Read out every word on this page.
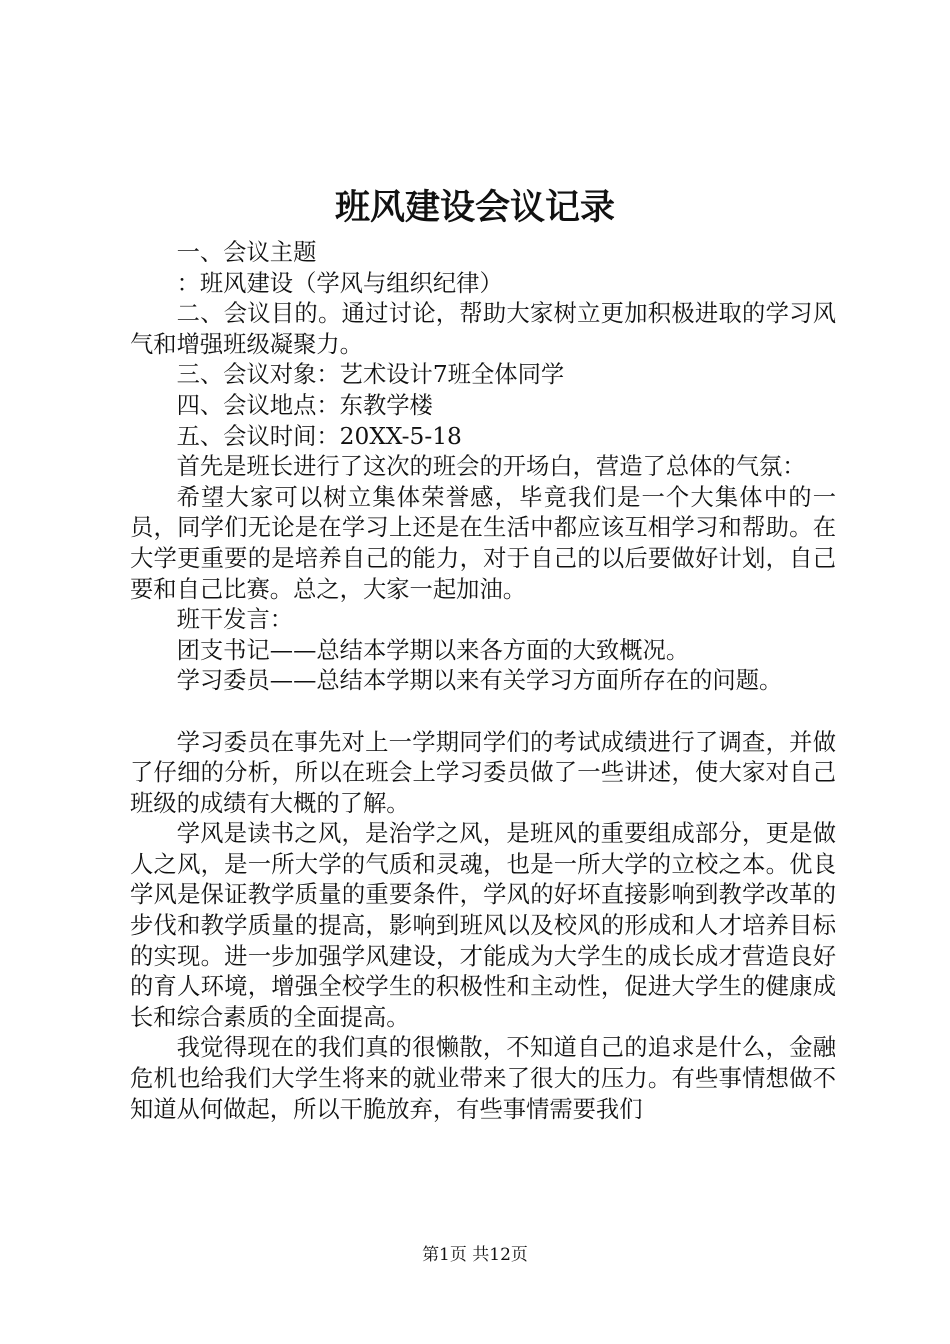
班风建设会议记录

一、会议主题

：班风建设（学风与组织纪律）

二、会议目的。通过讨论，帮助大家树立更加积极进取的学习风气和增强班级凝聚力。

三、会议对象：艺术设计7班全体同学

四、会议地点：东教学楼

五、会议时间：20XX-5-18

首先是班长进行了这次的班会的开场白，营造了总体的气氛：

希望大家可以树立集体荣誉感，毕竟我们是一个大集体中的一员，同学们无论是在学习上还是在生活中都应该互相学习和帮助。在大学更重要的是培养自己的能力，对于自己的以后要做好计划，自己要和自己比赛。总之，大家一起加油。

班干发言：

团支书记——总结本学期以来各方面的大致概况。

学习委员——总结本学期以来有关学习方面所存在的问题。

学习委员在事先对上一学期同学们的考试成绩进行了调查，并做了仔细的分析，所以在班会上学习委员做了一些讲述，使大家对自己班级的成绩有大概的了解。

学风是读书之风，是治学之风，是班风的重要组成部分，更是做人之风，是一所大学的气质和灵魂，也是一所大学的立校之本。优良学风是保证教学质量的重要条件，学风的好坏直接影响到教学改革的步伐和教学质量的提高，影响到班风以及校风的形成和人才培养目标的实现。进一步加强学风建设，才能成为大学生的成长成才营造良好的育人环境，增强全校学生的积极性和主动性，促进大学生的健康成长和综合素质的全面提高。

我觉得现在的我们真的很懒散，不知道自己的追求是什么，金融危机也给我们大学生将来的就业带来了很大的压力。有些事情想做不知道从何做起，所以干脆放弃，有些事情需要我们

第1页 共12页
